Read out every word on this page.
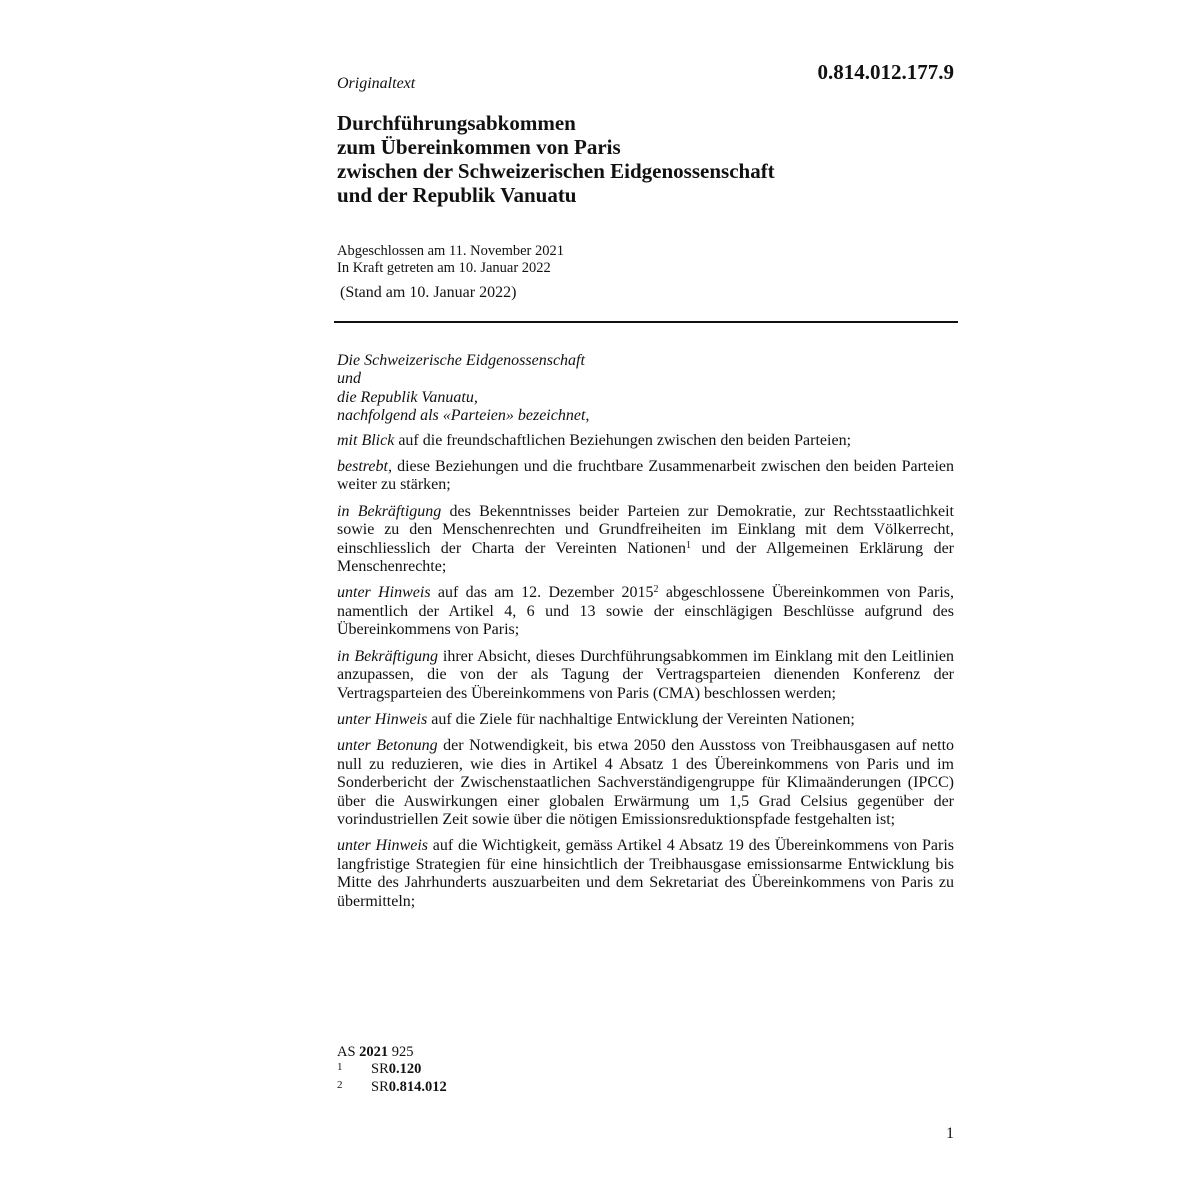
0.814.012.177.9

Originaltext

Durchführungsabkommen
zum Übereinkommen von Paris
zwischen der Schweizerischen Eidgenossenschaft
und der Republik Vanuatu
Abgeschlossen am 11. November 2021
In Kraft getreten am 10. Januar 2022
(Stand am 10. Januar 2022)

Die Schweizerische Eidgenossenschaft
und
die Republik Vanuatu,
nachfolgend als «Parteien» bezeichnet,

mit Blick auf die freundschaftlichen Beziehungen zwischen den beiden Parteien;

bestrebt, diese Beziehungen und die fruchtbare Zusammenarbeit zwischen den beiden Parteien weiter zu stärken;

in Bekräftigung des Bekenntnisses beider Parteien zur Demokratie, zur Rechtsstaatlichkeit sowie zu den Menschenrechten und Grundfreiheiten im Einklang mit dem Völkerrecht, einschliesslich der Charta der Vereinten Nationen$^1$ und der Allgemeinen Erklärung der Menschenrechte;

unter Hinweis auf das am 12. Dezember 2015$^2$ abgeschlossene Übereinkommen von Paris, namentlich der Artikel 4, 6 und 13 sowie der einschlägigen Beschlüsse aufgrund des Übereinkommens von Paris;

in Bekräftigung ihrer Absicht, dieses Durchführungsabkommen im Einklang mit den Leitlinien anzupassen, die von der als Tagung der Vertragsparteien dienenden Konferenz der Vertragsparteien des Übereinkommens von Paris (CMA) beschlossen werden;

unter Hinweis auf die Ziele für nachhaltige Entwicklung der Vereinten Nationen;

unter Betonung der Notwendigkeit, bis etwa 2050 den Ausstoss von Treibhausgasen auf netto null zu reduzieren, wie dies in Artikel 4 Absatz 1 des Übereinkommens von Paris und im Sonderbericht der Zwischenstaatlichen Sachverständigengruppe für Klimaänderungen (IPCC) über die Auswirkungen einer globalen Erwärmung um 1,5 Grad Celsius gegenüber der vorindustriellen Zeit sowie über die nötigen Emissionsreduktionspfade festgehalten ist;

unter Hinweis auf die Wichtigkeit, gemäss Artikel 4 Absatz 19 des Übereinkommens von Paris langfristige Strategien für eine hinsichtlich der Treibhausgase emissionsarme Entwicklung bis Mitte des Jahrhunderts auszuarbeiten und dem Sekretariat des Übereinkommens von Paris zu übermitteln;

AS 2021 925
1	SR 0.120
2	SR 0.814.012

1
